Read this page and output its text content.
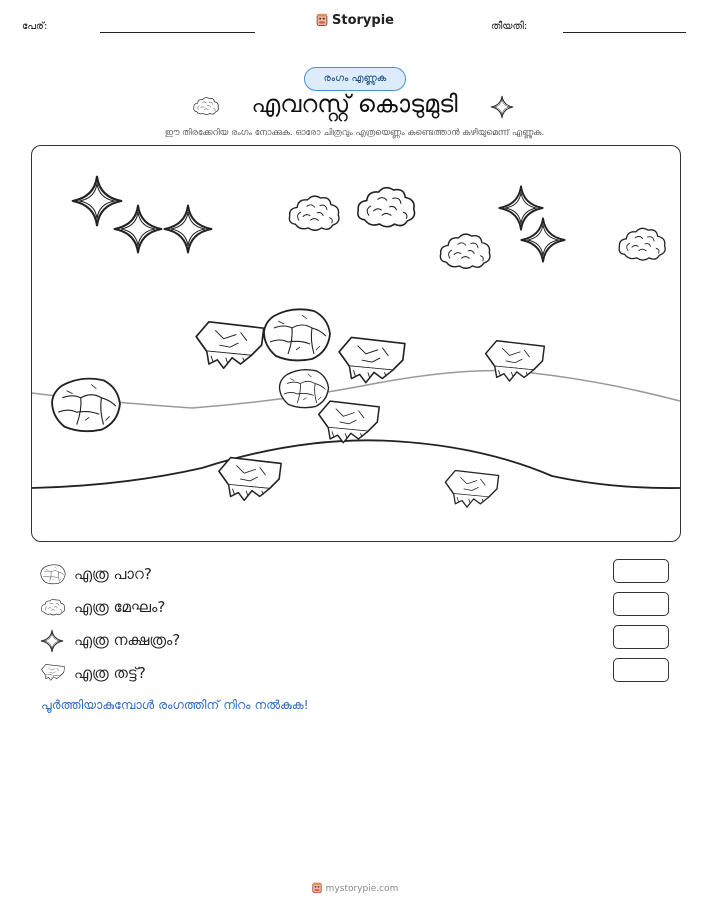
പേര്:	Storypie	തീയതി:
രംഗം എണ്ണുക
എവറസ്റ്റ് കൊടുമുടി
ഈ തിരക്കേറിയ രംഗം നോക്കുക. ഓരോ ചിത്രവും എത്രയെണ്ണം കണ്ടെത്താൻ കഴിയുമെന്ന് എണ്ണുക.
എത്ര പാറ?
എത്ര മേഘം?
എത്ര നക്ഷത്രം?
എത്ര തട്ട്?
പൂർത്തിയാകുമ്പോൾ രംഗത്തിന് നിറം നൽകുക!
mystorypie.com
